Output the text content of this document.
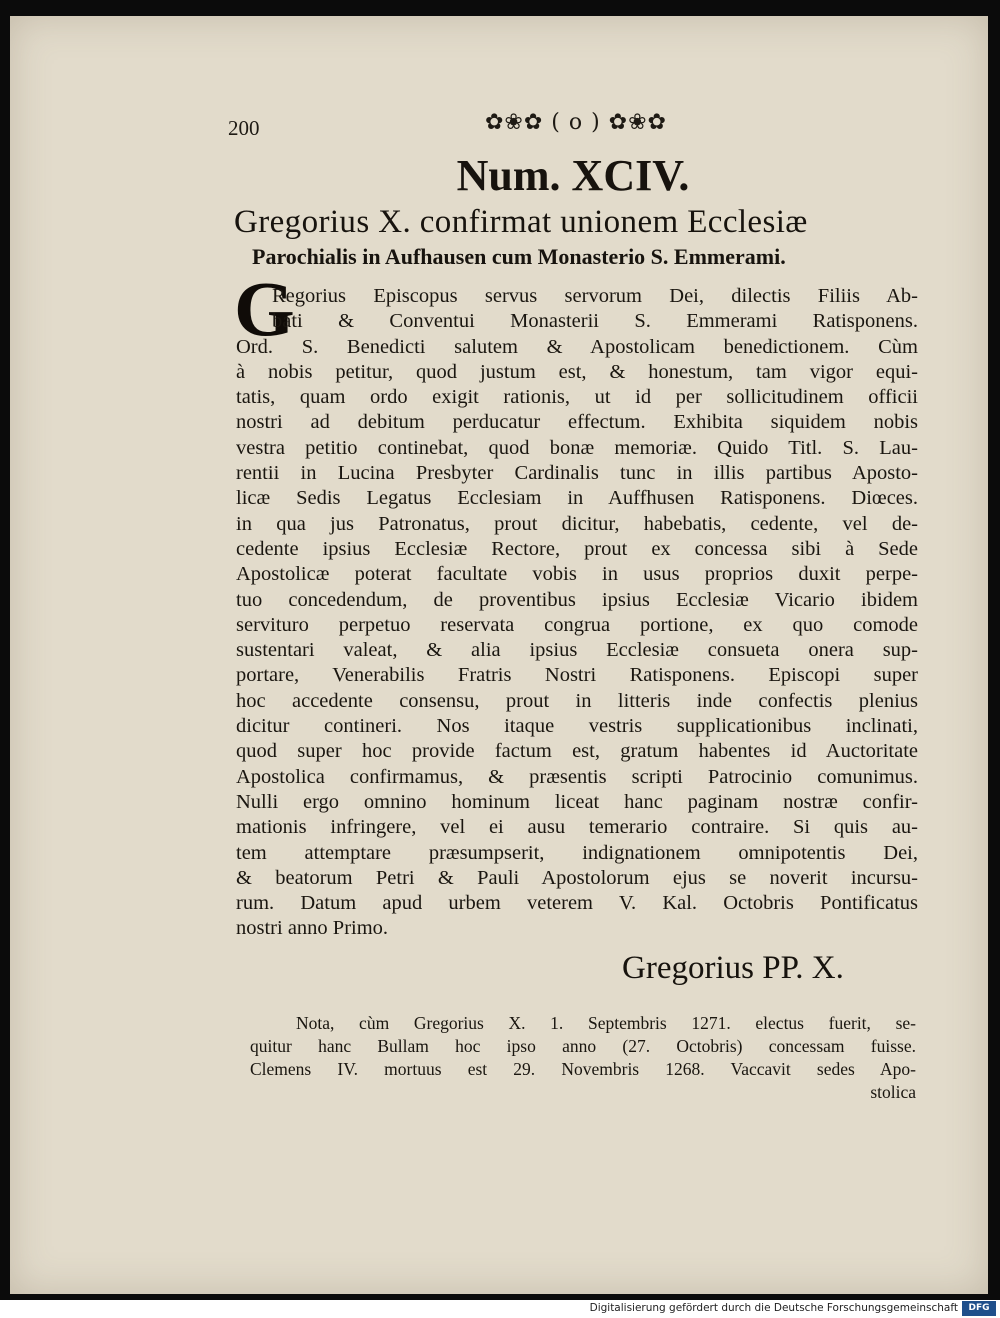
200	✿❀✿ ( o ) ✿❀✿
Num. XCIV.
Gregorius X. confirmat unionem Ecclesiæ
Parochialis in Aufhausen cum Monasterio S. Emmerami.
G
Regorius Episcopus servus servorum Dei, dilectis Filiis Ab-
bati & Conventui Monasterii S. Emmerami Ratisponens.
Ord. S. Benedicti salutem & Apostolicam benedictionem. Cùm
à nobis petitur, quod justum est, & honestum, tam vigor equi-
tatis, quam ordo exigit rationis, ut id per sollicitudinem officii
nostri ad debitum perducatur effectum. Exhibita siquidem nobis
vestra petitio continebat, quod bonæ memoriæ. Quido Titl. S. Lau-
rentii in Lucina Presbyter Cardinalis tunc in illis partibus Aposto-
licæ Sedis Legatus Ecclesiam in Auffhusen Ratisponens. Diœces.
in qua jus Patronatus, prout dicitur, habebatis, cedente, vel de-
cedente ipsius Ecclesiæ Rectore, prout ex concessa sibi à Sede
Apostolicæ poterat facultate vobis in usus proprios duxit perpe-
tuo concedendum, de proventibus ipsius Ecclesiæ Vicario ibidem
servituro perpetuo reservata congrua portione, ex quo comode
sustentari valeat, & alia ipsius Ecclesiæ consueta onera sup-
portare, Venerabilis Fratris Nostri Ratisponens. Episcopi super
hoc accedente consensu, prout in litteris inde confectis plenius
dicitur contineri. Nos itaque vestris supplicationibus inclinati,
quod super hoc provide factum est, gratum habentes id Auctoritate
Apostolica confirmamus, & præsentis scripti Patrocinio comunimus.
Nulli ergo omnino hominum liceat hanc paginam nostræ confir-
mationis infringere, vel ei ausu temerario contraire. Si quis au-
tem attemptare præsumpserit, indignationem omnipotentis Dei,
& beatorum Petri & Pauli Apostolorum ejus se noverit incursu-
rum. Datum apud urbem veterem V. Kal. Octobris Pontificatus
nostri anno Primo.
Gregorius PP. X.
Nota, cùm Gregorius X. 1. Septembris 1271. electus fuerit, se-
quitur hanc Bullam hoc ipso anno (27. Octobris) concessam fuisse.
Clemens IV. mortuus est 29. Novembris 1268. Vaccavit sedes Apo-
stolica
Digitalisierung gefördert durch die Deutsche Forschungsgemeinschaft	DFG
